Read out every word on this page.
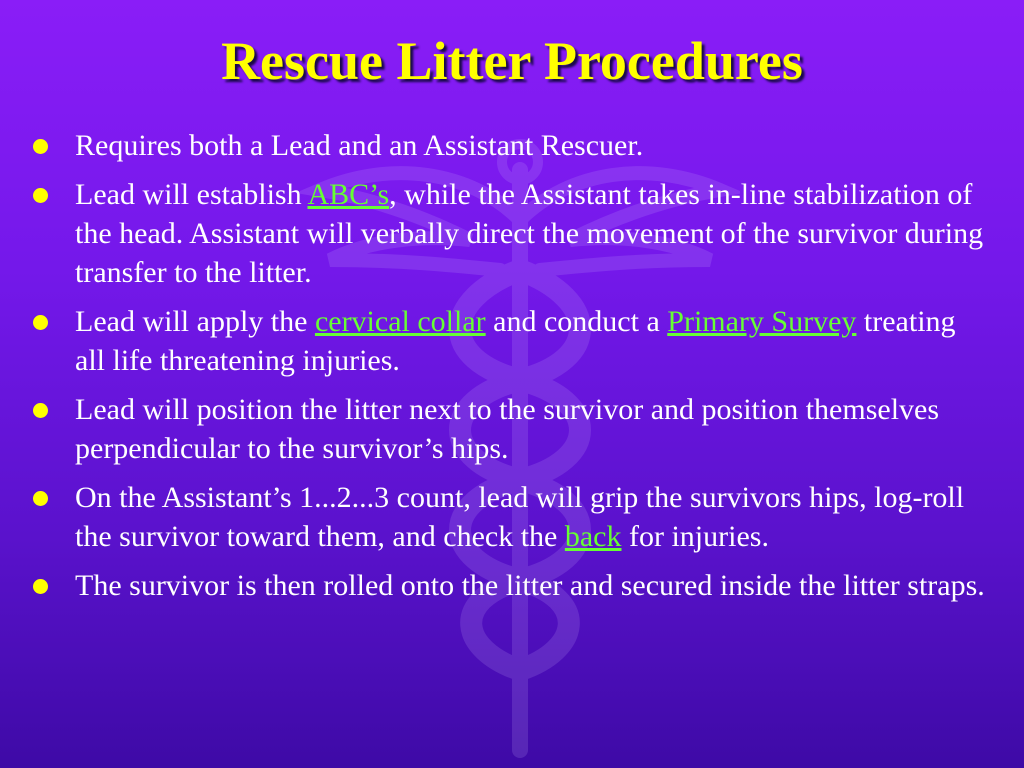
Rescue Litter Procedures
Requires both a Lead and an Assistant Rescuer.
Lead will establish ABC’s, while the Assistant takes in-line stabilization of the head. Assistant will verbally direct the movement of the survivor during transfer to the litter.
Lead will apply the cervical collar and conduct a Primary Survey treating all life threatening injuries.
Lead will position the litter next to the survivor and position themselves perpendicular to the survivor’s hips.
On the Assistant’s 1...2...3 count, lead will grip the survivors hips, log-roll the survivor toward them, and check the back for injuries.
The survivor is then rolled onto the litter and secured inside the litter straps.
